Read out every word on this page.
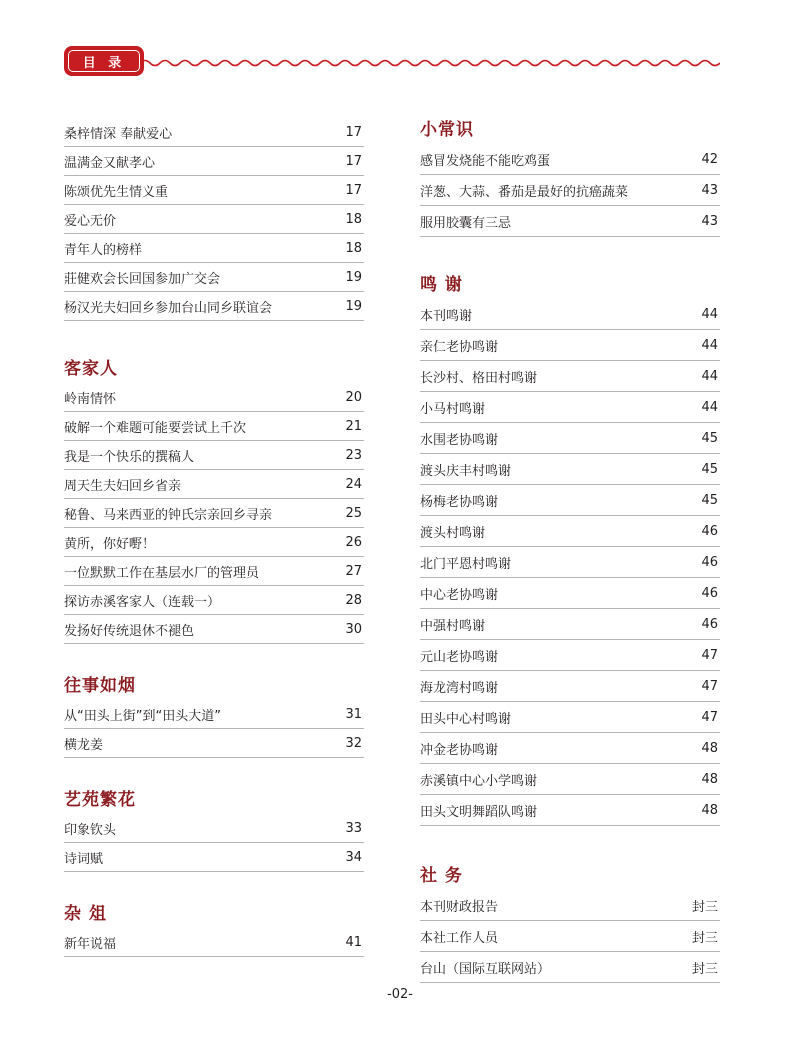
目 录
桑梓情深 奉献爱心	17
温满金又献孝心	17
陈颂优先生情义重	17
爱心无价	18
青年人的榜样	18
莊健欢会长回国参加广交会	19
杨汉光夫妇回乡参加台山同乡联谊会	19
客家人
岭南情怀	20
破解一个难题可能要尝试上千次	21
我是一个快乐的撰稿人	23
周天生夫妇回乡省亲	24
秘鲁、马来西亚的钟氏宗亲回乡寻亲	25
黄所，你好嘢！	26
一位默默工作在基层水厂的管理员	27
探访赤溪客家人（连载一）	28
发扬好传统退休不褪色	30
往事如烟
从“田头上街”到“田头大道”	31
横龙姜	32
艺苑繁花
印象钦头	33
诗词赋	34
杂 俎
新年说福	41
小常识
感冒发烧能不能吃鸡蛋	42
洋葱、大蒜、番茄是最好的抗癌蔬菜	43
服用胶囊有三忌	43
鸣 谢
本刊鸣谢	44
亲仁老协鸣谢	44
长沙村、格田村鸣谢	44
小马村鸣谢	44
水围老协鸣谢	45
渡头庆丰村鸣谢	45
杨梅老协鸣谢	45
渡头村鸣谢	46
北门平恩村鸣谢	46
中心老协鸣谢	46
中强村鸣谢	46
元山老协鸣谢	47
海龙湾村鸣谢	47
田头中心村鸣谢	47
冲金老协鸣谢	48
赤溪镇中心小学鸣谢	48
田头文明舞蹈队鸣谢	48
社 务
本刊财政报告	封三
本社工作人员	封三
台山（国际互联网站）	封三
-02-
